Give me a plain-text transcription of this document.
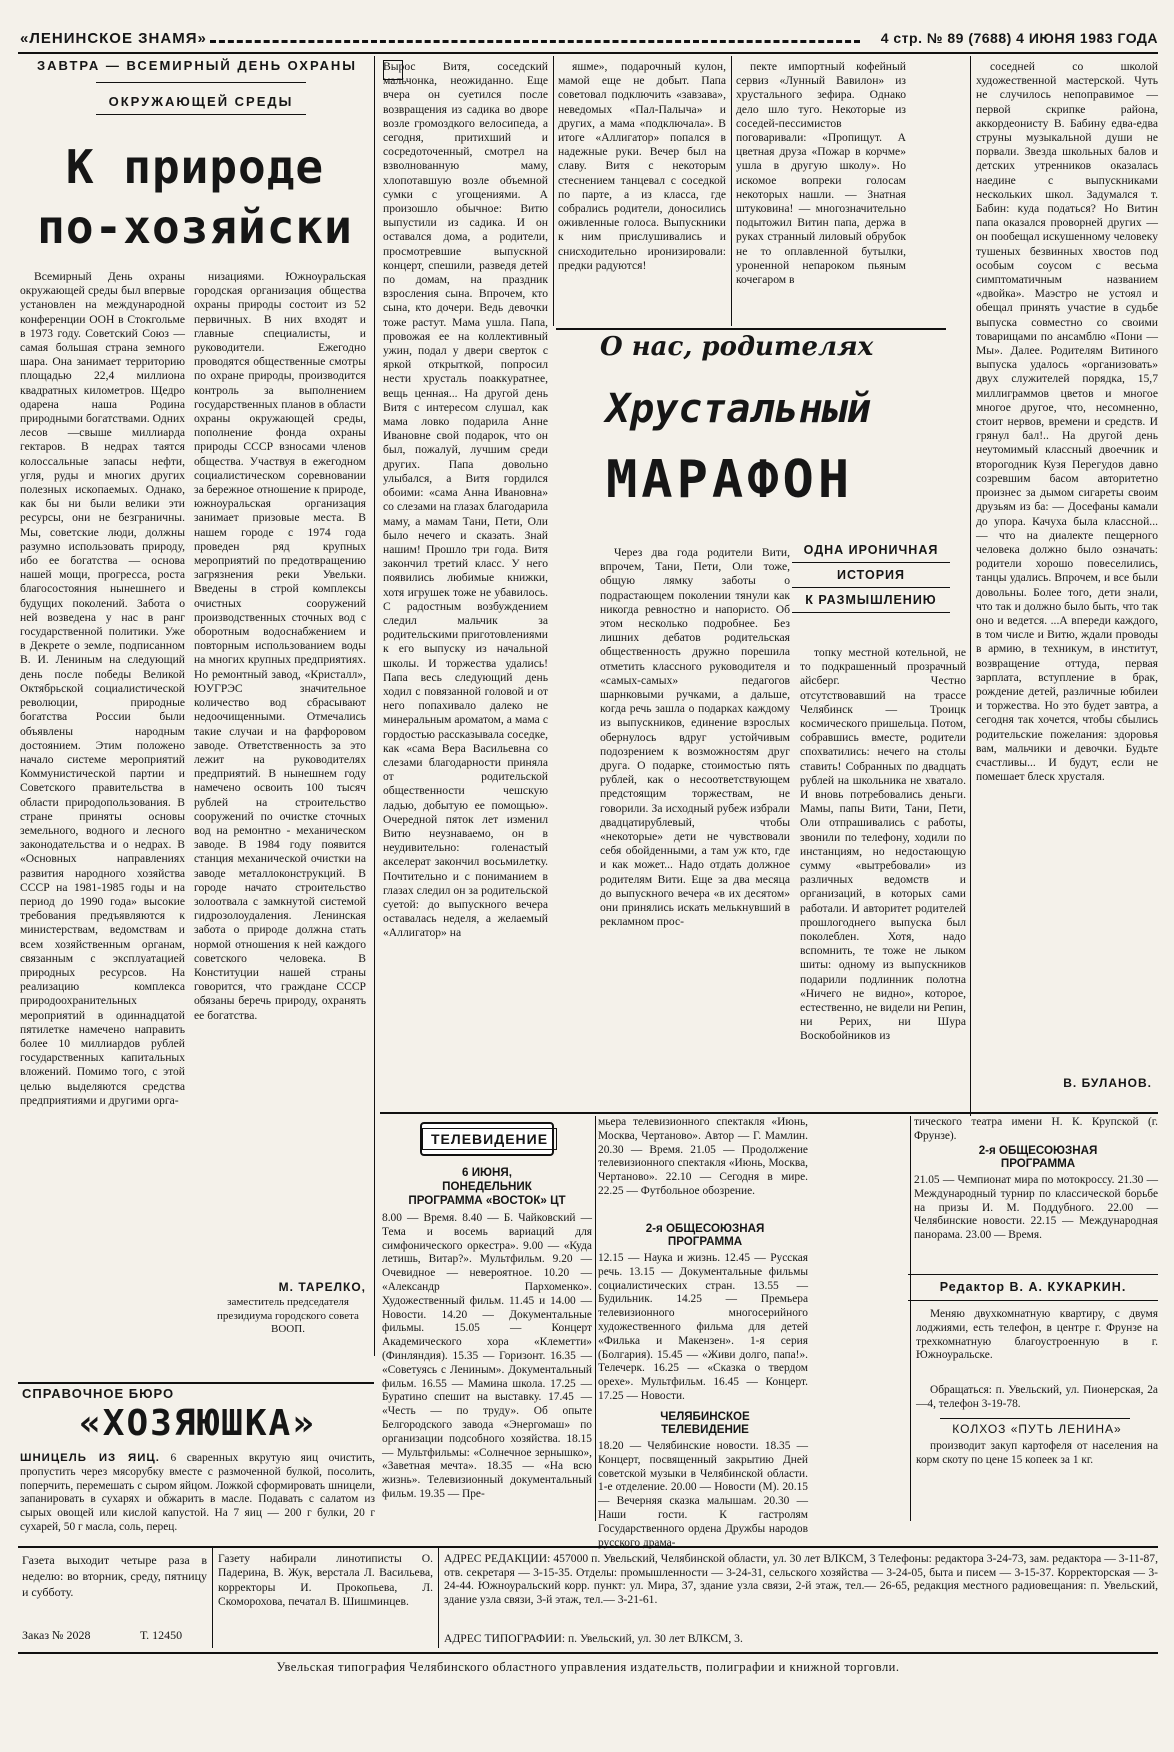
«ЛЕНИНСКОЕ ЗНАМЯ»	4 стр. № 89 (7688) 4 ИЮНЯ 1983 ГОДА
ЗАВТРА — ВСЕМИРНЫЙ ДЕНЬ ОХРАНЫ
ОКРУЖАЮЩЕЙ СРЕДЫ
К природе
по-хозяйски

Всемирный День охраны окружающей среды был впервые установлен на международной конференции ООН в Стокгольме в 1973 году. Советский Союз — самая большая страна земного шара. Она занимает территорию площадью 22,4 миллиона квадратных километров. Щедро одарена наша Родина природными богатствами. Одних лесов —свыше миллиарда гектаров. В недрах таятся колоссальные запасы нефти, угля, руды и многих других полезных ископаемых. Однако, как бы ни были велики эти ресурсы, они не безграничны. Мы, советские люди, должны разумно использовать природу, ибо ее богатства — основа нашей мощи, прогресса, роста благосостояния нынешнего и будущих поколений. Забота о ней возведена у нас в ранг государственной политики. Уже в Декрете о земле, подписанном В. И. Лениным на следующий день после победы Великой Октябрьской социалистической революции, природные богатства России были объявлены народным достоянием. Этим положено начало системе мероприятий Коммунистической партии и Советского правительства в области природопользования. В стране приняты основы земельного, водного и лесного законодательства и о недрах. В «Основных направлениях развития народного хозяйства СССР на 1981-1985 годы и на период до 1990 года» высокие требования предъявляются к министерствам, ведомствам и всем хозяйственным органам, связанным с эксплуатацией природных ресурсов. На реализацию комплекса природоохранительных мероприятий в одиннадцатой пятилетке намечено направить более 10 миллиардов рублей государственных капитальных вложений. Помимо того, с этой целью выделяются средства предприятиями и другими орга-

низациями. Южноуральская городская организация общества охраны природы состоит из 52 первичных. В них входят и главные специалисты, и руководители. Ежегодно проводятся общественные смотры по охране природы, производится контроль за выполнением государственных планов в области охраны окружающей среды, пополнение фонда охраны природы СССР взносами членов общества. Участвуя в ежегодном социалистическом соревновании за бережное отношение к природе, южноуральская организация занимает призовые места. В нашем городе с 1974 года проведен ряд крупных мероприятий по предотвращению загрязнения реки Увельки. Введены в строй комплексы очистных сооружений производственных сточных вод с оборотным водоснабжением и повторным использованием воды на многих крупных предприятиях. Но ремонтный завод, «Кристалл», ЮУГРЭС значительное количество вод сбрасывают недоочищенными. Отмечались такие случаи и на фарфоровом заводе. Ответственность за это лежит на руководителях предприятий. В нынешнем году намечено освоить 100 тысяч рублей на строительство сооружений по очистке сточных вод на ремонтно - механическом заводе. В 1984 году появится станция механической очистки на заводе металлоконструкций. В городе начато строительство золоотвала с замкнутой системой гидрозолоудаления. Ленинская забота о природе должна стать нормой отношения к ней каждого советского человека. В Конституции нашей страны говорится, что граждане СССР обязаны беречь природу, охранять ее богатства.

М. ТАРЕЛКО,
заместитель председателя президиума городского совета ВООП.
СПРАВОЧНОЕ БЮРО
«ХОЗЯЮШКА»
ШНИЦЕЛЬ ИЗ ЯИЦ. 6 сваренных вкрутую яиц очистить, пропустить через мясорубку вместе с размоченной булкой, посолить, поперчить, перемешать с сыром яйцом. Ложкой сформировать шницели, запанировать в сухарях и обжарить в масле. Подавать с салатом из сырых овощей или кислой капустой. На 7 яиц — 200 г булки, 20 г сухарей, 50 г масла, соль, перец.

Вырос Витя, соседский мальчонка, неожиданно. Еще вчера он суетился после возвращения из садика во дворе возле громоздкого велосипеда, а сегодня, притихший и сосредоточенный, смотрел на взволнованную маму, хлопотавшую возле объемной сумки с угощениями. А произошло обычное: Витю выпустили из садика. И он оставался дома, а родители, просмотревшие выпускной концерт, спешили, разведя детей по домам, на праздник взросления сына. Впрочем, кто сына, кто дочери. Ведь девочки тоже растут. Мама ушла. Папа, провожая ее на коллективный ужин, подал у двери сверток с яркой открыткой, попросил нести хрусталь поаккуратнее, вещь ценная... На другой день Витя с интересом слушал, как мама ловко подарила Анне Ивановне свой подарок, что он был, пожалуй, лучшим среди других. Папа довольно улыбался, а Витя гордился обоими: «сама Анна Ивановна» со слезами на глазах благодарила маму, а мамам Тани, Пети, Оли было нечего и сказать. Знай нашим! Прошло три года. Витя закончил третий класс. У него появились любимые книжки, хотя игрушек тоже не убавилось. С радостным возбуждением следил мальчик за родительскими приготовлениями к его выпуску из начальной школы. И торжества удались! Папа весь следующий день ходил с повязанной головой и от него попахивало далеко не минеральным ароматом, а мама с гордостью рассказывала соседке, как «сама Вера Васильевна со слезами благодарности приняла от родительской общественности чешскую ладью, добытую ее помощью». Очередной пяток лет изменил Витю неузнаваемо, он в неудивительно: голенастый акселерат закончил восьмилетку. Почтительно и с пониманием в глазах следил он за родительской суетой: до выпускного вечера оставалась неделя, а желаемый «Аллигатор» на

яшме», подарочный кулон, мамой еще не добыт. Папа советовал подключить «завзава», неведомых «Пал-Палыча» и других, а мама «подключала». В итоге «Аллигатор» попался в надежные руки. Вечер был на славу. Витя с некоторым стеснением танцевал с соседкой по парте, а из класса, где собрались родители, доносились оживленные голоса. Выпускники к ним прислушивались и снисходительно иронизировали: предки радуются!

пекте импортный кофейный сервиз «Лунный Вавилон» из хрустального зефира. Однако дело шло туго. Некоторые из соседей-пессимистов поговаривали: «Пропищут. А цветная друза «Пожар в корчме» ушла в другую школу». Но искомое вопреки голосам некоторых нашли. — Знатная штуковина! — многозначительно подытожил Витин папа, держа в руках странный лиловый обрубок не то оплавленной бутылки, уроненной непароком пьяным кочегаром в

О нас, родителях
Хрустальный
МАРАФОН

Через два года родители Вити, впрочем, Тани, Пети, Оли тоже, общую лямку заботы о подрастающем поколении тянули как никогда ревностно и напористо. Об этом несколько подробнее. Без лишних дебатов родительская общественность дружно порешила отметить классного руководителя и «самых-самых» педагогов шарнковыми ручками, а дальше, когда речь зашла о подарках каждому из выпускников, единение взрослых обернулось вдруг устойчивым подозрением к возможностям друг друга. О подарке, стоимостью пять рублей, как о несоответствующем предстоящим торжествам, не говорили. За исходный рубеж избрали двадцатирублевый, чтобы «некоторые» дети не чувствовали себя обойденными, а там уж кто, где и как может... Надо отдать должное родителям Вити. Еще за два месяца до выпускного вечера «в их десятом» они принялись искать мелькнувший в рекламном прос-

ОДНА ИРОНИЧНАЯ
ИСТОРИЯ
К РАЗМЫШЛЕНИЮ

топку местной котельной, не то подкрашенный прозрачный айсберг. Честно отсутствовавший на трассе Челябинск — Троицк космического пришельца. Потом, собравшись вместе, родители спохватились: нечего на столы ставить! Собранных по двадцать рублей на школьника не хватало. И вновь потребовались деньги. Мамы, папы Вити, Тани, Пети, Оли отпрашивались с работы, звонили по телефону, ходили по инстанциям, но недостающую сумму «вытребовали» из различных ведомств и организаций, в которых сами работали. И авторитет родителей прошлогоднего выпуска был поколеблен. Хотя, надо вспомнить, те тоже не лыком шиты: одному из выпускников подарили подлинник полотна «Ничего не видно», которое, естественно, не видели ни Репин, ни Рерих, ни Шура Воскобойников из

соседней со школой художественной мастерской. Чуть не случилось непоправимое — первой скрипке района, аккордеонисту В. Бабину едва-едва струны музыкальной души не порвали. Звезда школьных балов и детских утренников оказалась наедине с выпускниками нескольких школ. Задумался т. Бабин: куда податься? Но Витин папа оказался проворней других — он пообещал искушенному человеку тушеных безвинных хвостов под особым соусом с весьма симптоматичным названием «двойка». Маэстро не устоял и обещал принять участие в судьбе выпуска совместно со своими товарищами по ансамблю «Пони — Мы». Далее. Родителям Витиного выпуска удалось «организовать» двух служителей порядка, 15,7 миллиграммов цветов и многое многое другое, что, несомненно, стоит нервов, времени и средств. И грянул бал!.. На другой день неутомимый классный двоечник и второгодник Кузя Перегудов давно созревшим басом авторитетно произнес за дымом сигареты своим друзьям из ба: — Досефаны камали до упора. Качуха была классной... — что на диалекте пещерного человека должно было означать: родители хорошо повеселились, танцы удались. Впрочем, и все были довольны. Более того, дети знали, что так и должно было быть, что так оно и ведется. ...А впереди каждого, в том числе и Витю, ждали проводы в армию, в техникум, в институт, возвращение оттуда, первая зарплата, вступление в брак, рождение детей, различные юбилеи и торжества. Но это будет завтра, а сегодня так хочется, чтобы сбылись родительские пожелания: здоровья вам, мальчики и девочки. Будьте счастливы... И будут, если не помешает блеск хрусталя.

В. БУЛАНОВ.
ТЕЛЕВИДЕНИЕ
6 ИЮНЯ,
ПОНЕДЕЛЬНИК
ПРОГРАММА «ВОСТОК» ЦТ
8.00 — Время. 8.40 — Б. Чайковский — Тема и восемь вариаций для симфонического оркестра». 9.00 — «Куда летишь, Витар?». Мультфильм. 9.20 — Очевидное — невероятное. 10.20 — «Александр Пархоменко». Художественный фильм. 11.45 и 14.00 — Новости. 14.20 — Документальные фильмы. 15.05 — Концерт Академического хора «Клеметти» (Финляндия). 15.35 — Горизонт. 16.35 — «Советуясь с Лениным». Документальный фильм. 16.55 — Мамина школа. 17.25 — Буратино спешит на выставку. 17.45 — «Честь — по труду». Об опыте Белгородского завода «Энергомаш» по организации подсобного хозяйства. 18.15 — Мультфильмы: «Солнечное зернышко», «Заветная мечта». 18.35 — «На всю жизнь». Телевизионный документальный фильм. 19.35 — Пре-
мьера телевизионного спектакля «Июнь, Москва, Чертаново». Автор — Г. Мамлин. 20.30 — Время. 21.05 — Продолжение телевизионного спектакля «Июнь, Москва, Чертаново». 22.10 — Сегодня в мире. 22.25 — Футбольное обозрение.
2-я ОБЩЕСОЮЗНАЯ ПРОГРАММА
12.15 — Наука и жизнь. 12.45 — Русская речь. 13.15 — Документальные фильмы социалистических стран. 13.55 — Будильник. 14.25 — Премьера телевизионного многосерийного художественного фильма для детей «Филька и Макензен». 1-я серия (Болгария). 15.45 — «Живи долго, папа!». Телечерк. 16.25 — «Сказка о твердом орехе». Мультфильм. 16.45 — Концерт. 17.25 — Новости.
ЧЕЛЯБИНСКОЕ ТЕЛЕВИДЕНИЕ
18.20 — Челябинские новости. 18.35 — Концерт, посвященный закрытию Дней советской музыки в Челябинской области. 1-е отделение. 20.00 — Новости (М). 20.15 — Вечерняя сказка малышам. 20.30 — Наши гости. К гастролям Государственного ордена Дружбы народов русского драма-
тического театра имени Н. К. Крупской (г. Фрунзе).
2-я ОБЩЕСОЮЗНАЯ ПРОГРАММА
21.05 — Чемпионат мира по мотокроссу. 21.30 — Международный турнир по классической борьбе на призы И. М. Поддубного. 22.00 — Челябинские новости. 22.15 — Международная панорама. 23.00 — Время.
Редактор В. А. КУКАРКИН.

Меняю двухкомнатную квартиру, с двумя лоджиями, есть телефон, в центре г. Фрунзе на трехкомнатную благоустроенную в г. Южноуральске.

Обращаться: п. Увельский, ул. Пионерская, 2а—4, телефон 3-19-78.

КОЛХОЗ «ПУТЬ ЛЕНИНА»

производит закуп картофеля от населения на корм скоту по цене 15 копеек за 1 кг.

Газета выходит четыре раза в неделю: во вторник, среду, пятницу и субботу.
Заказ № 2028	Т. 12450
Газету набирали линотиписты О. Падерина, В. Жук, верстала Л. Васильева, корректоры И. Прокопьева, Л. Скоморохова, печатал В. Шишминцев.
АДРЕС РЕДАКЦИИ: 457000 п. Увельский, Челябинской области, ул. 30 лет ВЛКСМ, 3 Телефоны: редактора 3-24-73, зам. редактора — 3-11-87, отв. секретаря — 3-15-35. Отделы: промышленности — 3-24-31, сельского хозяйства — 3-24-05, быта и писем — 3-15-37. Корректорская — 3-24-44. Южноуральский корр. пункт: ул. Мира, 37, здание узла связи, 2-й этаж, тел.— 26-65, редакция местного радиовещания: п. Увельский, здание узла связи, 3-й этаж, тел.— 3-21-61.
АДРЕС ТИПОГРАФИИ: п. Увельский, ул. 30 лет ВЛКСМ, 3.
Увельская типография Челябинского областного управления издательств, полиграфии и книжной торговли.
